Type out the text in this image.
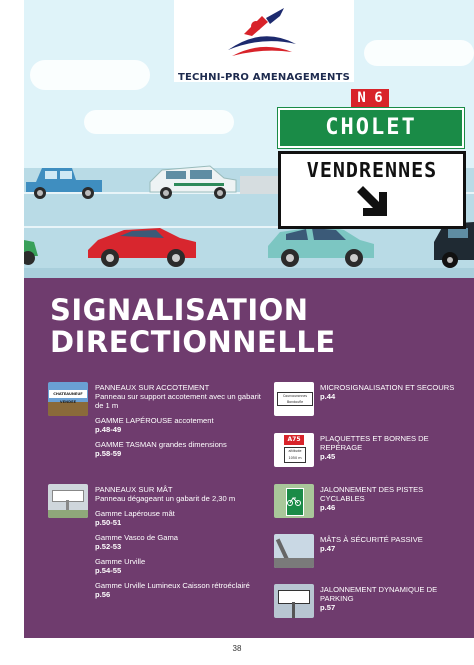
TECHNI-PRO AMENAGEMENTS
N 6
CHOLET
VENDRENNES
SIGNALISATION
DIRECTIONNELLE
CHATEAUNEUF VENDEE
PANNEAUX SUR ACCOTEMENT
Panneau sur support accotement avec un gabarit de 1 m
GAMME LAPÉROUSE accotement
p.48-49
GAMME TASMAN grandes dimensions
p.58-59
PANNEAUX SUR MÂT
Panneau dégageant un gabarit de 2,30 m
Gamme Lapérouse mât
p.50-51
Gamme Vasco de Gama
p.52-53
Gamme Urville
p.54-55
Gamme Urville Lumineux Caisson rétroéclairé
p.56
Courcouronnes Bondoufle
MICROSIGNALISATION ET SECOURS
p.44
A75
altitude 1050 m
PLAQUETTES ET BORNES DE REPÉRAGE
p.45
JALONNEMENT DES PISTES CYCLABLES
p.46
MÂTS À SÉCURITÉ PASSIVE
p.47
JALONNEMENT DYNAMIQUE DE PARKING
p.57
38
